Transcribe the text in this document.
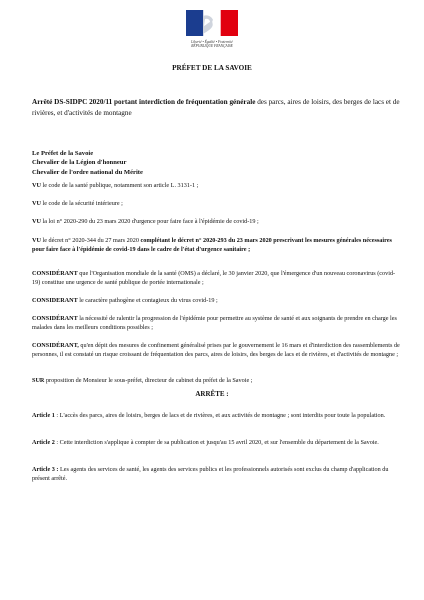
Liberté • Égalité • Fraternité
RÉPUBLIQUE FRANÇAISE
PRÉFET DE LA SAVOIE
Arrêté DS-SIDPC 2020/11 portant interdiction de fréquentation générale des parcs, aires de loisirs, des berges de lacs et de rivières, et d'activités de montagne
Le Préfet de la Savoie
Chevalier de la Légion d'honneur
Chevalier de l'ordre national du Mérite

VU le code de la santé publique, notamment son article L. 3131-1 ;

VU le code de la sécurité intérieure ;

VU la loi n° 2020-290 du 23 mars 2020 d'urgence pour faire face à l'épidémie de covid-19 ;

VU le décret n° 2020-344 du 27 mars 2020 complétant le décret n° 2020-293 du 23 mars 2020 prescrivant les mesures générales nécessaires pour faire face à l'épidémie de covid-19 dans le cadre de l'état d'urgence sanitaire ;

CONSIDÉRANT que l'Organisation mondiale de la santé (OMS) a déclaré, le 30 janvier 2020, que l'émergence d'un nouveau coronavirus (covid-19) constitue une urgence de santé publique de portée internationale ;

CONSIDERANT le caractère pathogène et contagieux du virus covid-19 ;

CONSIDÉRANT la nécessité de ralentir la progression de l'épidémie pour permettre au système de santé et aux soignants de prendre en charge les malades dans les meilleurs conditions possibles ;

CONSIDÉRANT, qu'en dépit des mesures de confinement généralisé prises par le gouvernement le 16 mars et d'interdiction des rassemblements de personnes, il est constaté un risque croissant de fréquentation des parcs, aires de loisirs, des berges de lacs et de rivières, et d'activités de montagne ;

SUR proposition de Monsieur le sous-préfet, directeur de cabinet du préfet de la Savoie ;

ARRÊTE :

Article 1 : L'accès des parcs, aires de loisirs, berges de lacs et de rivières, et aux activités de montagne ; sont interdits pour toute la population.

Article 2 : Cette interdiction s'applique à compter de sa publication et jusqu'au 15 avril 2020, et sur l'ensemble du département de la Savoie.

Article 3 : Les agents des services de santé, les agents des services publics et les professionnels autorisés sont exclus du champ d'application du présent arrêté.
